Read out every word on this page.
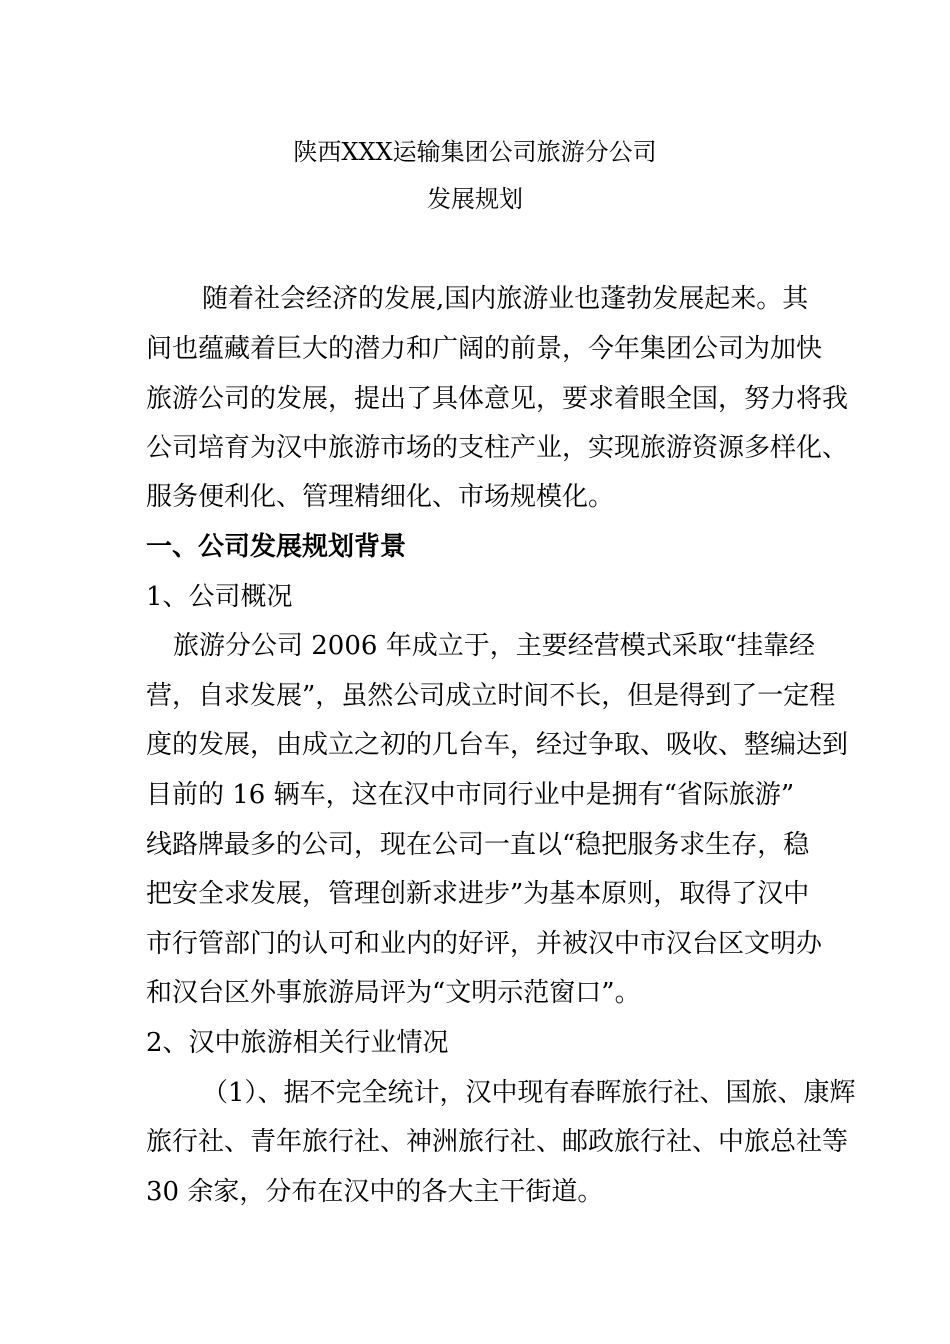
陕西XXX运输集团公司旅游分公司
发展规划
随着社会经济的发展,国内旅游业也蓬勃发展起来。其
间也蕴藏着巨大的潜力和广阔的前景，今年集团公司为加快
旅游公司的发展，提出了具体意见，要求着眼全国，努力将我
公司培育为汉中旅游市场的支柱产业，实现旅游资源多样化、
服务便利化、管理精细化、市场规模化。
一、公司发展规划背景
1、公司概况
旅游分公司 2006 年成立于，主要经营模式采取“挂靠经
营，自求发展”，虽然公司成立时间不长，但是得到了一定程
度的发展，由成立之初的几台车，经过争取、吸收、整编达到
目前的 16 辆车，这在汉中市同行业中是拥有“省际旅游”
线路牌最多的公司，现在公司一直以“稳把服务求生存，稳
把安全求发展，管理创新求进步”为基本原则，取得了汉中
市行管部门的认可和业内的好评，并被汉中市汉台区文明办
和汉台区外事旅游局评为“文明示范窗口”。
2、汉中旅游相关行业情况
（1）、据不完全统计，汉中现有春晖旅行社、国旅、康辉
旅行社、青年旅行社、神洲旅行社、邮政旅行社、中旅总社等
30 余家，分布在汉中的各大主干街道。
